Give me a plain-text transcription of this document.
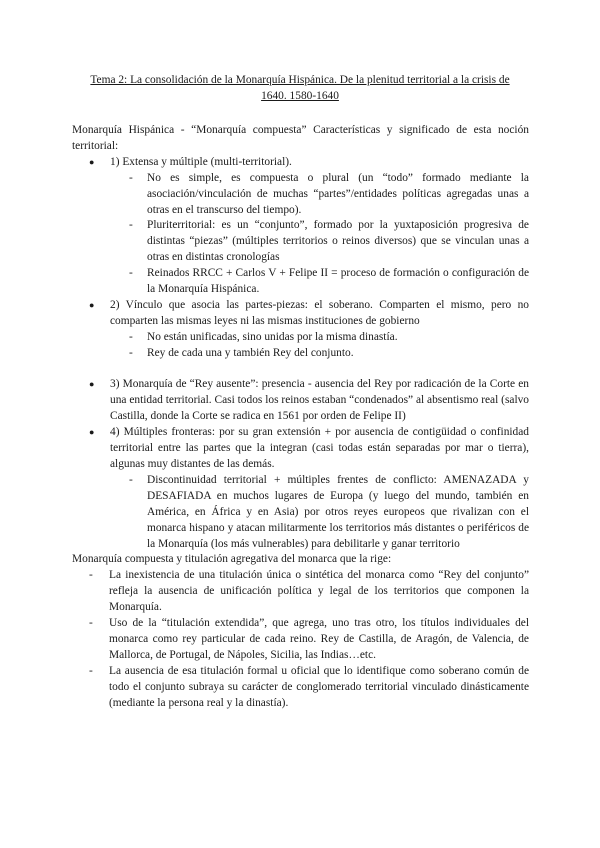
Tema 2: La consolidación de la Monarquía Hispánica. De la plenitud territorial a la crisis de
1640. 1580-1640

Monarquía Hispánica - “Monarquía compuesta” Características y significado de esta noción territorial:

● 1) Extensa y múltiple (multi-territorial).
- No es simple, es compuesta o plural (un “todo” formado mediante la asociación/vinculación de muchas “partes”/entidades políticas agregadas unas a otras en el transcurso del tiempo).
- Pluriterritorial: es un “conjunto”, formado por la yuxtaposición progresiva de distintas “piezas” (múltiples territorios o reinos diversos) que se vinculan unas a otras en distintas cronologías
- Reinados RRCC + Carlos V + Felipe II = proceso de formación o configuración de la Monarquía Hispánica.
● 2) Vínculo que asocia las partes-piezas: el soberano. Comparten el mismo, pero no comparten las mismas leyes ni las mismas instituciones de gobierno
- No están unificadas, sino unidas por la misma dinastía.
- Rey de cada una y también Rey del conjunto.
● 3) Monarquía de “Rey ausente”: presencia - ausencia del Rey por radicación de la Corte en una entidad territorial. Casi todos los reinos estaban “condenados” al absentismo real (salvo Castilla, donde la Corte se radica en 1561 por orden de Felipe II)
● 4) Múltiples fronteras: por su gran extensión + por ausencia de contigüidad o confinidad territorial entre las partes que la integran (casi todas están separadas por mar o tierra), algunas muy distantes de las demás.
- Discontinuidad territorial + múltiples frentes de conflicto: AMENAZADA y DESAFIADA en muchos lugares de Europa (y luego del mundo, también en América, en África y en Asia) por otros reyes europeos que rivalizan con el monarca hispano y atacan militarmente los territorios más distantes o periféricos de la Monarquía (los más vulnerables) para debilitarle y ganar territorio

Monarquía compuesta y titulación agregativa del monarca que la rige:

- La inexistencia de una titulación única o sintética del monarca como “Rey del conjunto” refleja la ausencia de unificación política y legal de los territorios que componen la Monarquía.
- Uso de la “titulación extendida”, que agrega, uno tras otro, los títulos individuales del monarca como rey particular de cada reino. Rey de Castilla, de Aragón, de Valencia, de Mallorca, de Portugal, de Nápoles, Sicilia, las Indias…etc.
- La ausencia de esa titulación formal u oficial que lo identifique como soberano común de todo el conjunto subraya su carácter de conglomerado territorial vinculado dinásticamente (mediante la persona real y la dinastía).
